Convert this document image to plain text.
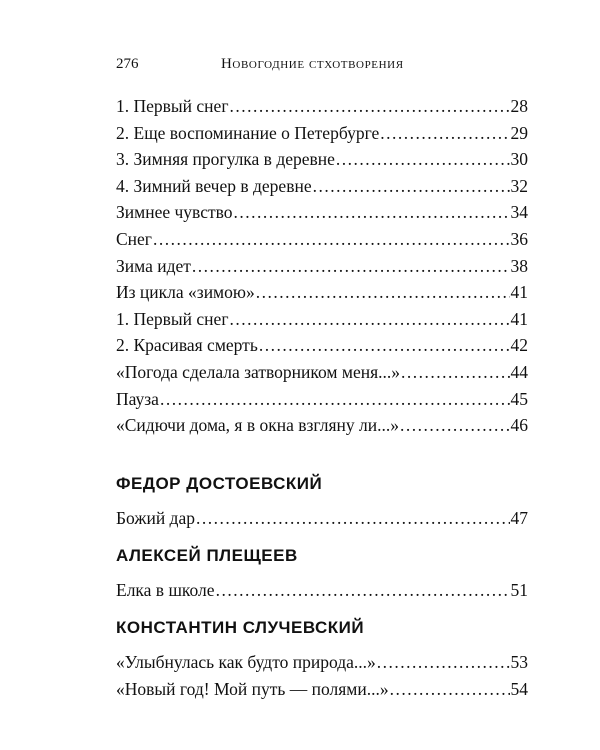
276	Новогодние стхотворения
1. Первый снег .....	28
2. Еще воспоминание о Петербурге .....	29
3. Зимняя прогулка в деревне .....	30
4. Зимний вечер в деревне .....	32
Зимнее чувство .....	34
Снег .....	36
Зима идет .....	38
Из цикла «зимою» .....	41
1. Первый снег .....	41
2. Красивая смерть .....	42
«Погода сделала затворником меня...» .....	44
Пауза .....	45
«Сидючи дома, я в окна взгляну ли...» .....	46
ФЕДОР ДОСТОЕВСКИЙ
Божий дар .....	47
АЛЕКСЕЙ ПЛЕЩЕЕВ
Елка в школе .....	51
КОНСТАНТИН СЛУЧЕВСКИЙ
«Улыбнулась как будто природа...» .....	53
«Новый год! Мой путь — полями...» .....	54
